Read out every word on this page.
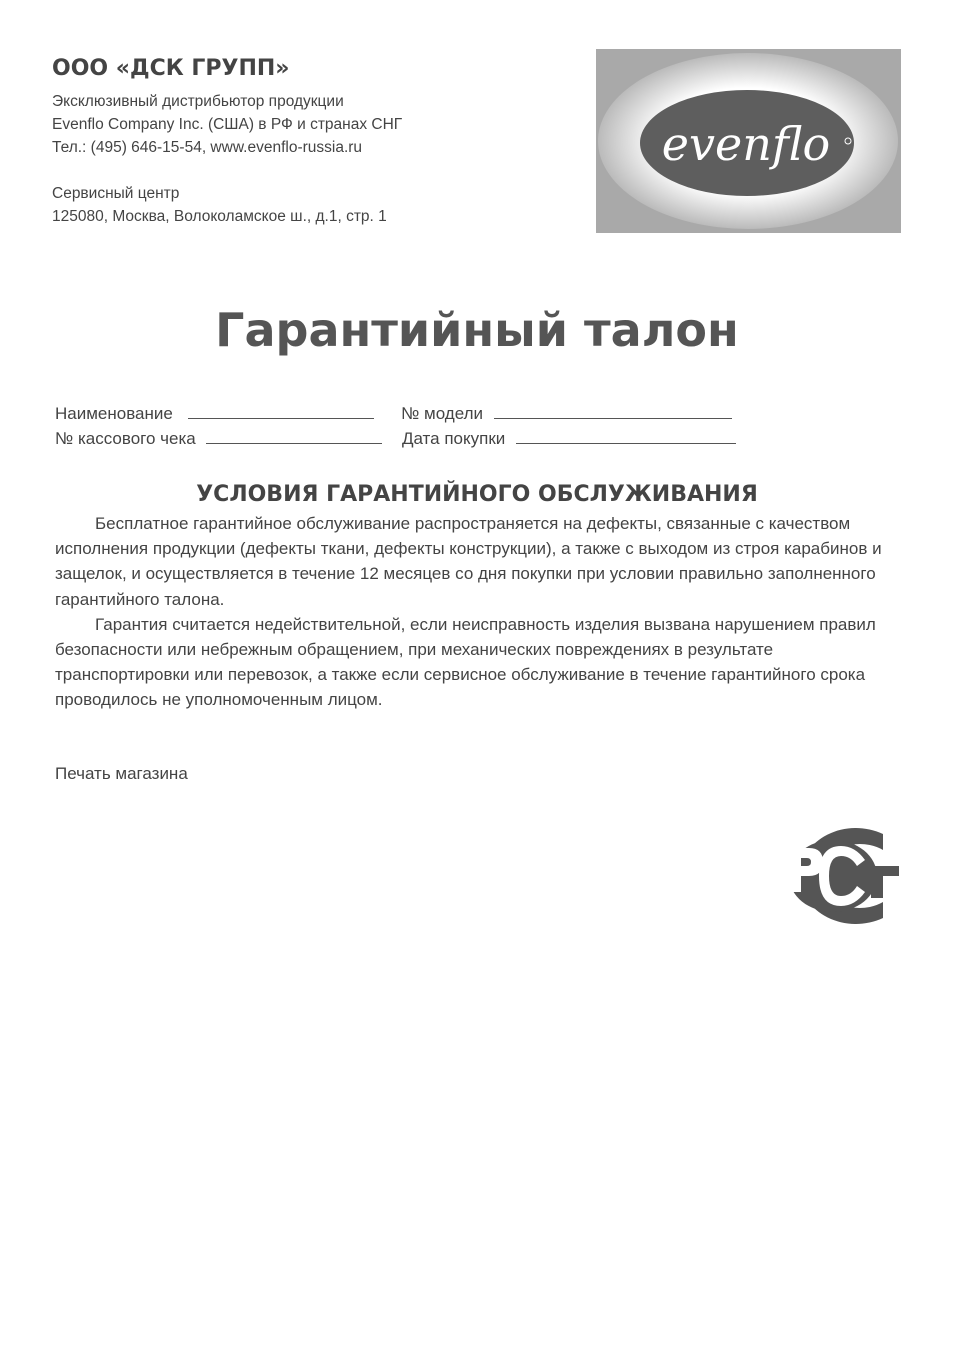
ООО «ДСК ГРУПП»
Эксклюзивный дистрибьютор продукции
Evenflo Company Inc. (США) в РФ и странах СНГ
Тел.: (495) 646-15-54, www.evenflo-russia.ru
Сервисный центр
125080, Москва, Волоколамское ш., д.1, стр. 1
evenflo
Гарантийный талон
Наименование	№ модели
№ кассового чека	Дата покупки
УСЛОВИЯ ГАРАНТИЙНОГО ОБСЛУЖИВАНИЯ

Бесплатное гарантийное обслуживание распространяется на дефекты, связанные с качеством исполнения продукции (дефекты ткани, дефекты конструкции), а также с выходом из строя карабинов и защелок, и осуществляется в течение 12 месяцев со дня покупки при условии правильно заполненного гарантийного талона.

Гарантия считается недействительной, если неисправность изделия вызвана нарушением правил безопасности или небрежным обращением, при механических повреждениях в результате транспортировки или перевозок, а также если сервисное обслуживание в течение гарантийного срока проводилось не уполномоченным лицом.

Печать магазина
